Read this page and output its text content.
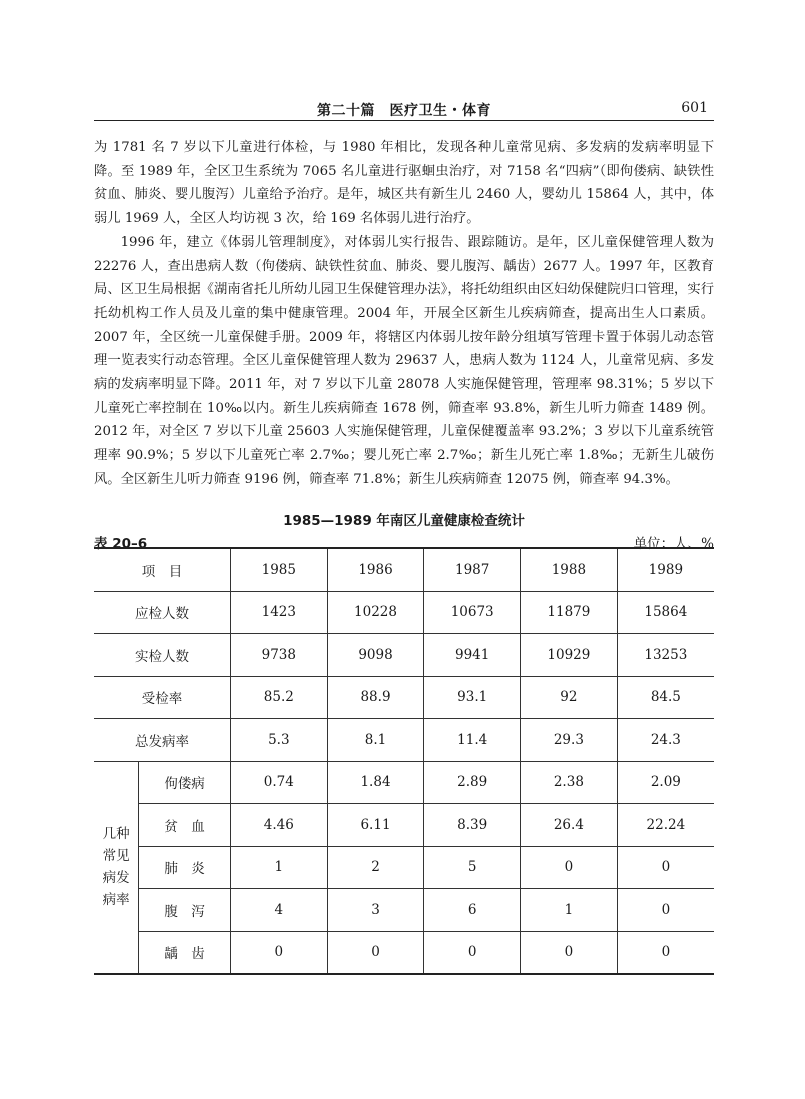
第二十篇　医疗卫生・体育	601

为 1781 名 7 岁以下儿童进行体检，与 1980 年相比，发现各种儿童常见病、多发病的发病率明显下降。至 1989 年，全区卫生系统为 7065 名儿童进行驱蛔虫治疗，对 7158 名“四病”（即佝偻病、缺铁性贫血、肺炎、婴儿腹泻）儿童给予治疗。是年，城区共有新生儿 2460 人，婴幼儿 15864 人，其中，体弱儿 1969 人，全区人均访视 3 次，给 169 名体弱儿进行治疗。

1996 年，建立《体弱儿管理制度》，对体弱儿实行报告、跟踪随访。是年，区儿童保健管理人数为 22276 人，查出患病人数（佝偻病、缺铁性贫血、肺炎、婴儿腹泻、龋齿）2677 人。1997 年，区教育局、区卫生局根据《湖南省托儿所幼儿园卫生保健管理办法》，将托幼组织由区妇幼保健院归口管理，实行托幼机构工作人员及儿童的集中健康管理。2004 年，开展全区新生儿疾病筛查，提高出生人口素质。2007 年，全区统一儿童保健手册。2009 年，将辖区内体弱儿按年龄分组填写管理卡置于体弱儿动态管理一览表实行动态管理。全区儿童保健管理人数为 29637 人，患病人数为 1124 人，儿童常见病、多发病的发病率明显下降。2011 年，对 7 岁以下儿童 28078 人实施保健管理，管理率 98.31%；5 岁以下儿童死亡率控制在 10‰以内。新生儿疾病筛查 1678 例，筛查率 93.8%，新生儿听力筛查 1489 例。2012 年，对全区 7 岁以下儿童 25603 人实施保健管理，儿童保健覆盖率 93.2%；3 岁以下儿童系统管理率 90.9%；5 岁以下儿童死亡率 2.7‰；婴儿死亡率 2.7‰；新生儿死亡率 1.8‰；无新生儿破伤风。全区新生儿听力筛查 9196 例，筛查率 71.8%；新生儿疾病筛查 12075 例，筛查率 94.3%。

1985—1989 年南区儿童健康检查统计
表 20–6	单位：人、%
项　目		1985	1986	1987	1988	1989
应检人数		1423	10228	10673	11879	15864
实检人数		9738	9098	9941	10929	13253
受检率		85.2	88.9	93.1	92	84.5
总发病率		5.3	8.1	11.4	29.3	24.3

几种
常见
病发
病率	佝偻病	0.74	1.84	2.89	2.38	2.09
	贫　血	4.46	6.11	8.39	26.4	22.24
	肺　炎	1	2	5	0	0
	腹　泻	4	3	6	1	0
	龋　齿	0	0	0	0	0
